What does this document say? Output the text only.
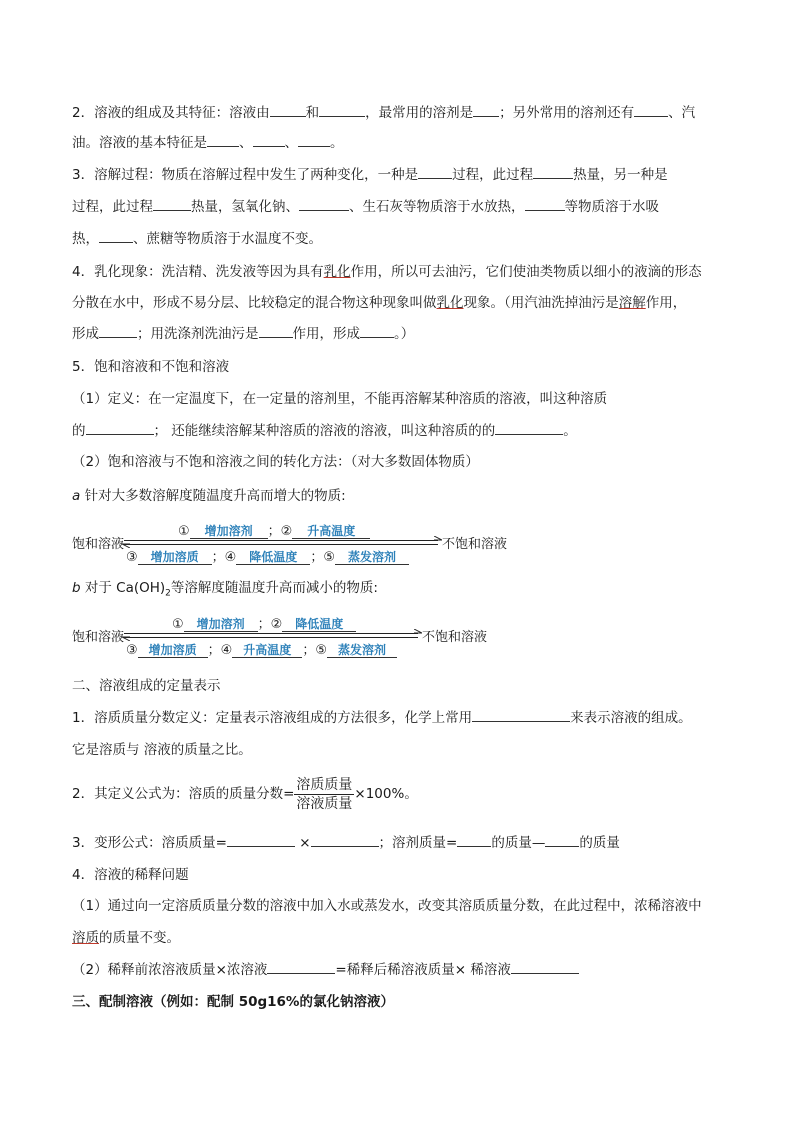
2．溶液的组成及其特征：溶液由	和	，最常用的溶剂是 ；另外常用的溶剂还有	、汽
油。溶液的基本特征是 、 、 。
3．溶解过程：物质在溶解过程中发生了两种变化，一种是	过程，此过程	热量，另一种是
过程，此过程	热量，氢氧化钠、	、生石灰等物质溶于水放热，	等物质溶于水吸
热，	、蔗糖等物质溶于水温度不变。
4．乳化现象：洗洁精、洗发液等因为具有乳化作用，所以可去油污，它们使油类物质以细小的液滴的形态
分散在水中，形成不易分层、比较稳定的混合物这种现象叫做乳化现象。（用汽油洗掉油污是溶解作用，
形成	；用洗涤剂洗油污是	作用，形成	。）
5．饱和溶液和不饱和溶液
（1）定义：在一定温度下，在一定量的溶剂里，不能再溶解某种溶质的溶液，叫这种溶质
的	； 还能继续溶解某种溶质的溶液的溶液，叫这种溶质的的	。
（2）饱和溶液与不饱和溶液之间的转化方法：（对大多数固体物质）
a 针对大多数溶解度随温度升高而增大的物质:
饱和溶液	不饱和溶液
① 增加溶剂 ；② 升高温度
③ 增加溶质 ；④ 降低温度 ；⑤ 蒸发溶剂
b 对于 $Ca(OH)_2$等溶解度随温度升高而减小的物质:
饱和溶液	不饱和溶液
① 增加溶剂 ；② 降低温度
③ 增加溶质 ；④ 升高温度 ；⑤ 蒸发溶剂
二、溶液组成的定量表示
1．溶质质量分数定义：定量表示溶液组成的方法很多，化学上常用	来表示溶液的组成。
它是溶质与 溶液的质量之比。
2．其定义公式为：溶质的质量分数= $\frac{\text{溶质质量}}{\text{溶液质量}} \times 100\%$。
3．变形公式：溶质质量=	×	；溶剂质量=	的质量—	的质量
4．溶液的稀释问题
（1）通过向一定溶质质量分数的溶液中加入水或蒸发水，改变其溶质质量分数，在此过程中，浓稀溶液中
溶质的质量不变。
（2）稀释前浓溶液质量×浓溶液	=稀释后稀溶液质量× 稀溶液
三、配制溶液（例如：配制 50g16%的氯化钠溶液）
